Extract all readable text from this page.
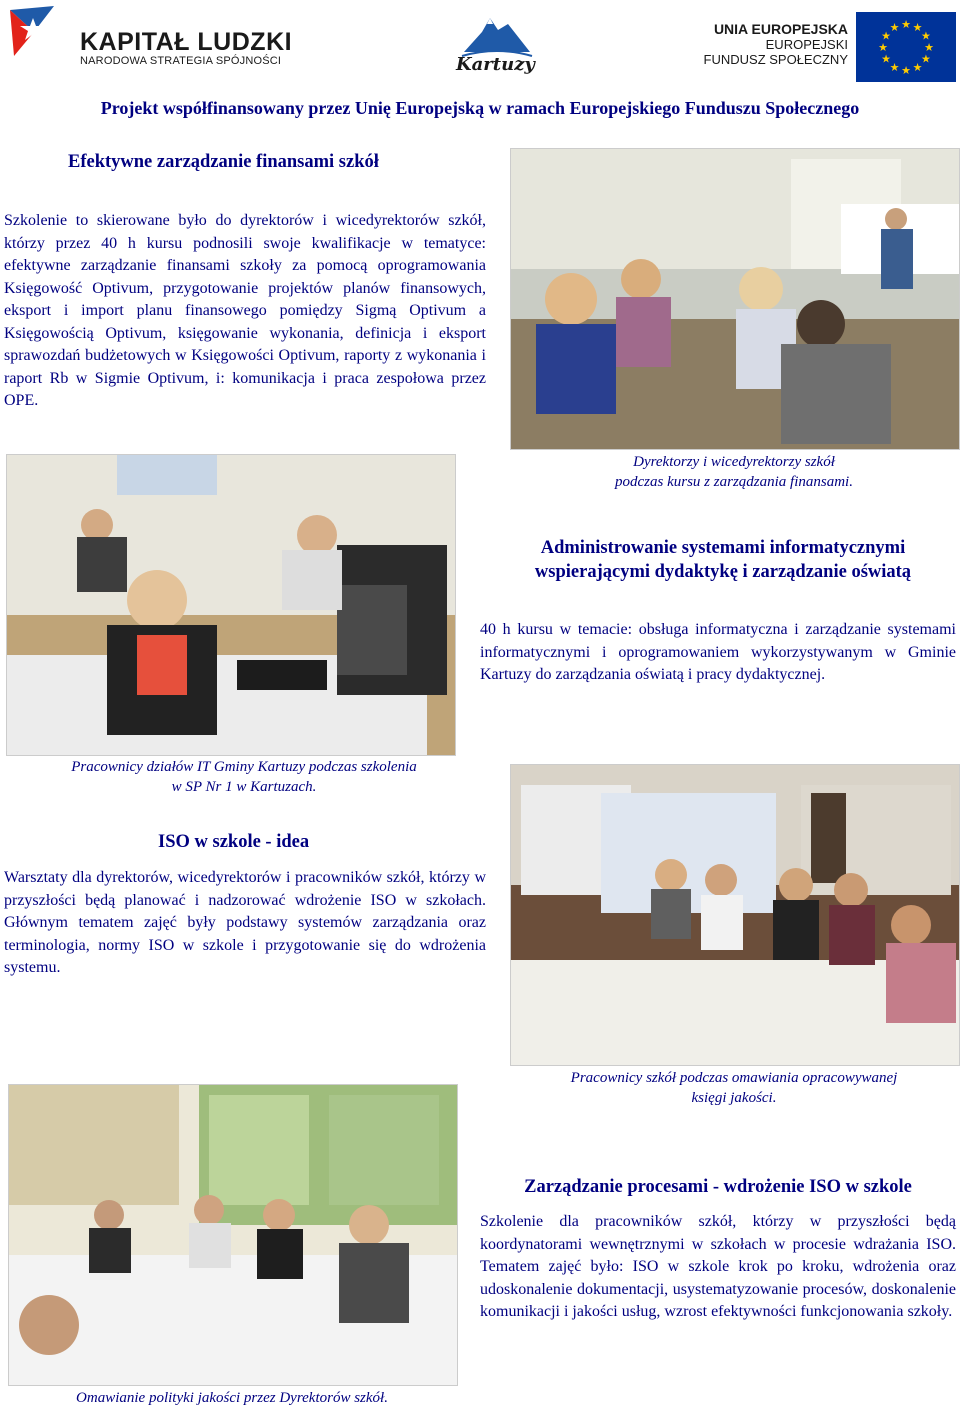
KAPITAŁ LUDZKI
NARODOWA STRATEGIA SPÓJNOŚCI	Kartuzy
UNIA EUROPEJSKA
EUROPEJSKI
FUNDUSZ SPOŁECZNY
★
★
★
★
★
★
★
★
★ ★ ★
★
Projekt współfinansowany przez Unię Europejską w ramach Europejskiego Funduszu Społecznego
Efektywne zarządzanie finansami szkół
Szkolenie to skierowane było do dyrektorów i wicedyrektorów szkół, którzy przez 40 h kursu podnosili swoje kwalifikacje w tematyce: efektywne zarządzanie finansami szkoły za pomocą oprogramowania Księgowość Optivum, przygotowanie projektów planów finansowych, eksport i import planu finansowego pomiędzy Sigmą Optivum a Księgowością Optivum, księgowanie wykonania, definicja i eksport sprawozdań budżetowych w Księgowości Optivum, raporty z wykonania i raport Rb w Sigmie Optivum, i: komunikacja i praca zespołowa przez OPE.
Dyrektorzy i wicedyrektorzy szkół
podczas kursu z zarządzania finansami.
Pracownicy działów IT Gminy Kartuzy podczas szkolenia
w SP Nr 1 w Kartuzach.
Administrowanie systemami informatycznymi
wspierającymi dydaktykę i zarządzanie oświatą
40 h kursu w temacie: obsługa informatyczna i zarządzanie systemami informatycznymi i oprogramowaniem wykorzystywanym w Gminie Kartuzy do zarządzania oświatą i pracy dydaktycznej.
ISO w szkole - idea
Warsztaty dla dyrektorów, wicedyrektorów i pracowników szkół, którzy w przyszłości będą planować i nadzorować wdrożenie ISO w szkołach. Głównym tematem zajęć były podstawy systemów zarządzania oraz terminologia, normy ISO w szkole i przygotowanie się do wdrożenia systemu.
Pracownicy szkół podczas omawiania opracowywanej
księgi jakości.
Omawianie polityki jakości przez Dyrektorów szkół.
Zarządzanie procesami - wdrożenie ISO w szkole
Szkolenie dla pracowników szkół, którzy w przyszłości będą koordynatorami wewnętrznymi w szkołach w procesie wdrażania ISO. Tematem zajęć było: ISO w szkole krok po kroku, wdrożenia oraz udoskonalenie dokumentacji, usystematyzowanie procesów, doskonalenie komunikacji i jakości usług, wzrost efektywności funkcjonowania szkoły.
